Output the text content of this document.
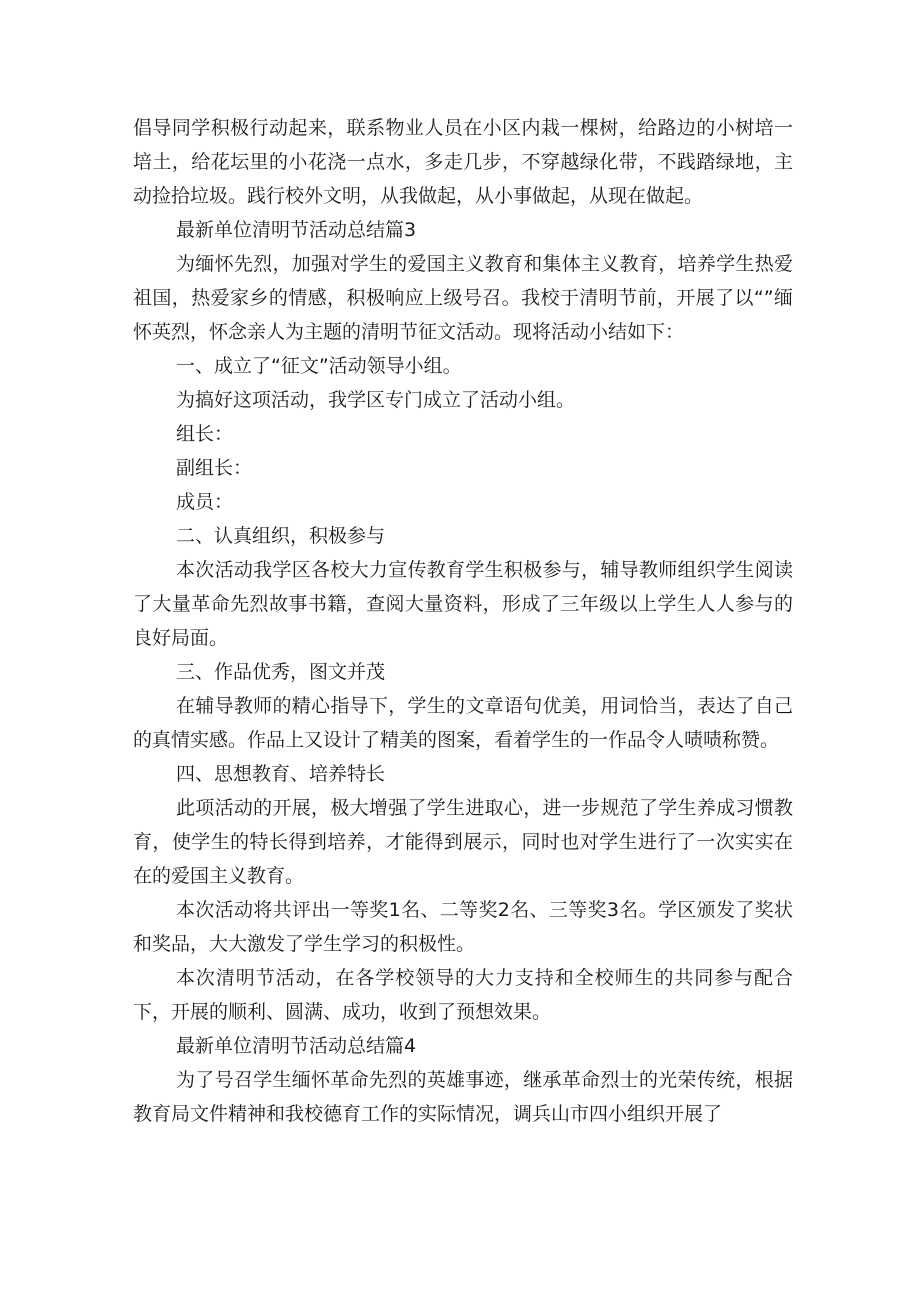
倡导同学积极行动起来，联系物业人员在小区内栽一棵树，给路边的小树培一培土，给花坛里的小花浇一点水，多走几步，不穿越绿化带，不践踏绿地，主动捡拾垃圾。践行校外文明，从我做起，从小事做起，从现在做起。

最新单位清明节活动总结篇3

为缅怀先烈，加强对学生的爱国主义教育和集体主义教育，培养学生热爱祖国，热爱家乡的情感，积极响应上级号召。我校于清明节前，开展了以“”缅怀英烈，怀念亲人为主题的清明节征文活动。现将活动小结如下：

一、成立了“征文”活动领导小组。

为搞好这项活动，我学区专门成立了活动小组。

组长：

副组长：

成员：

二、认真组织，积极参与

本次活动我学区各校大力宣传教育学生积极参与，辅导教师组织学生阅读了大量革命先烈故事书籍，查阅大量资料，形成了三年级以上学生人人参与的良好局面。

三、作品优秀，图文并茂

在辅导教师的精心指导下，学生的文章语句优美，用词恰当，表达了自己的真情实感。作品上又设计了精美的图案，看着学生的一作品令人啧啧称赞。

四、思想教育、培养特长

此项活动的开展，极大增强了学生进取心，进一步规范了学生养成习惯教育，使学生的特长得到培养，才能得到展示，同时也对学生进行了一次实实在在的爱国主义教育。

本次活动将共评出一等奖1名、二等奖2名、三等奖3名。学区颁发了奖状和奖品，大大激发了学生学习的积极性。

本次清明节活动，在各学校领导的大力支持和全校师生的共同参与配合下，开展的顺利、圆满、成功，收到了预想效果。

最新单位清明节活动总结篇4

为了号召学生缅怀革命先烈的英雄事迹，继承革命烈士的光荣传统，根据教育局文件精神和我校德育工作的实际情况，调兵山市四小组织开展了
